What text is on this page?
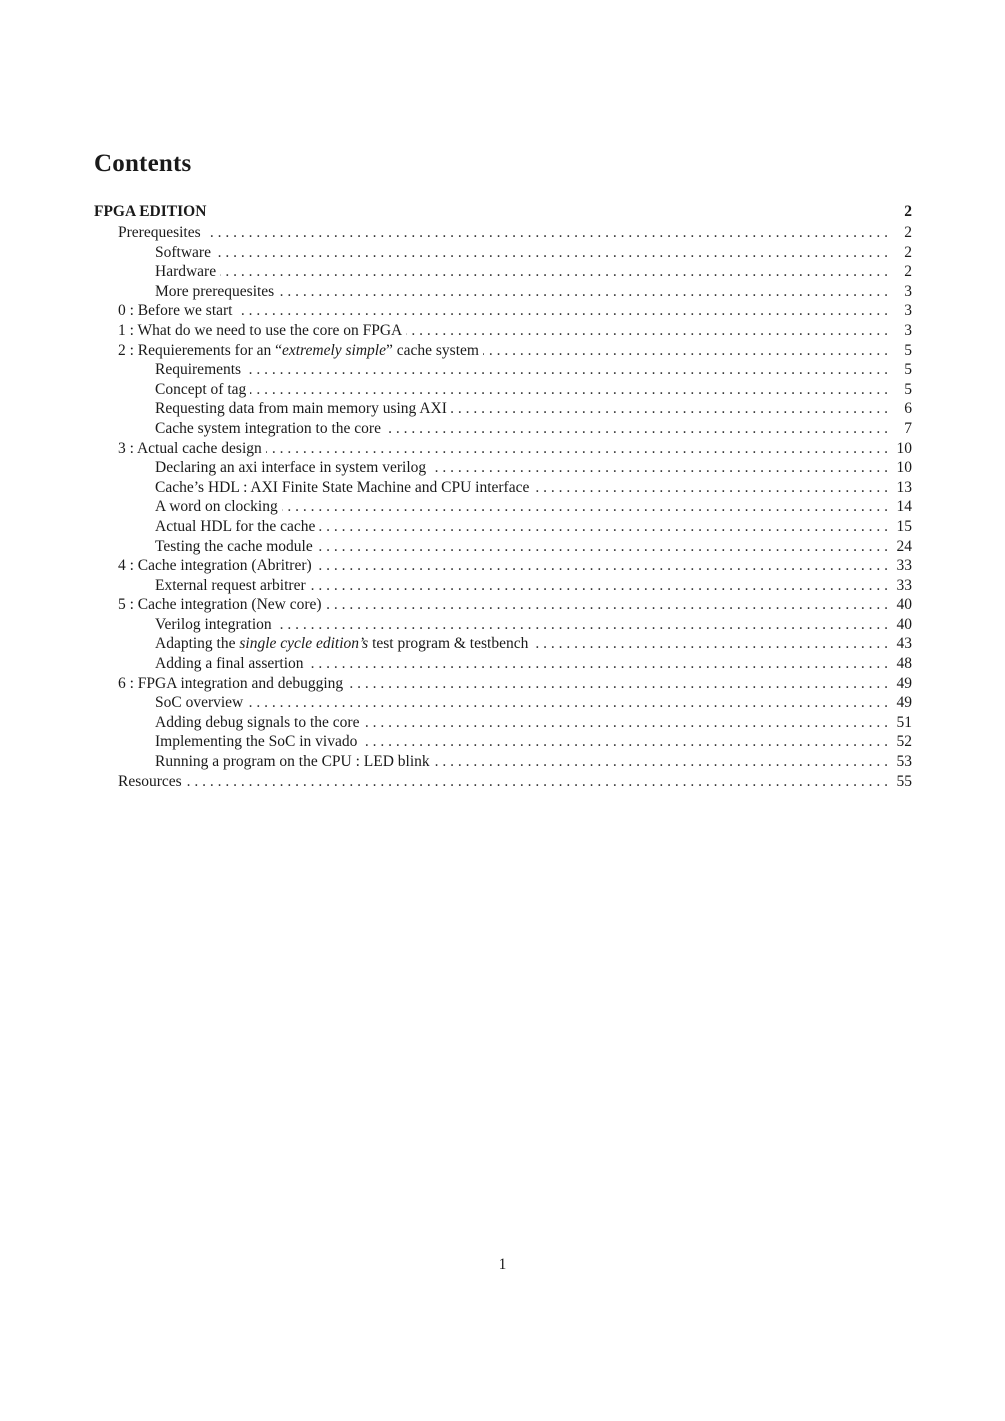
Contents
FPGA EDITION	2
Prerequesites . . .	2
Software . . .	2
Hardware . . .	2
More prerequesites . . .	3
0 : Before we start . . .	3
1 : What do we need to use the core on FPGA . . .	3
2 : Requierements for an “extremely simple” cache system . . .	5
Requirements . . .	5
Concept of tag . . .	5
Requesting data from main memory using AXI . . .	6
Cache system integration to the core . . .	7
3 : Actual cache design . . .	10
Declaring an axi interface in system verilog . . .	10
Cache’s HDL : AXI Finite State Machine and CPU interface . . .	13
A word on clocking . . .	14
Actual HDL for the cache . . .	15
Testing the cache module . . .	24
4 : Cache integration (Abritrer) . . .	33
External request arbitrer . . .	33
5 : Cache integration (New core) . . .	40
Verilog integration . . .	40
Adapting the single cycle edition’s test program & testbench . . .	43
Adding a final assertion . . .	48
6 : FPGA integration and debugging . . .	49
SoC overview . . .	49
Adding debug signals to the core . . .	51
Implementing the SoC in vivado . . .	52
Running a program on the CPU : LED blink . . .	53
Resources . . .	55
1
